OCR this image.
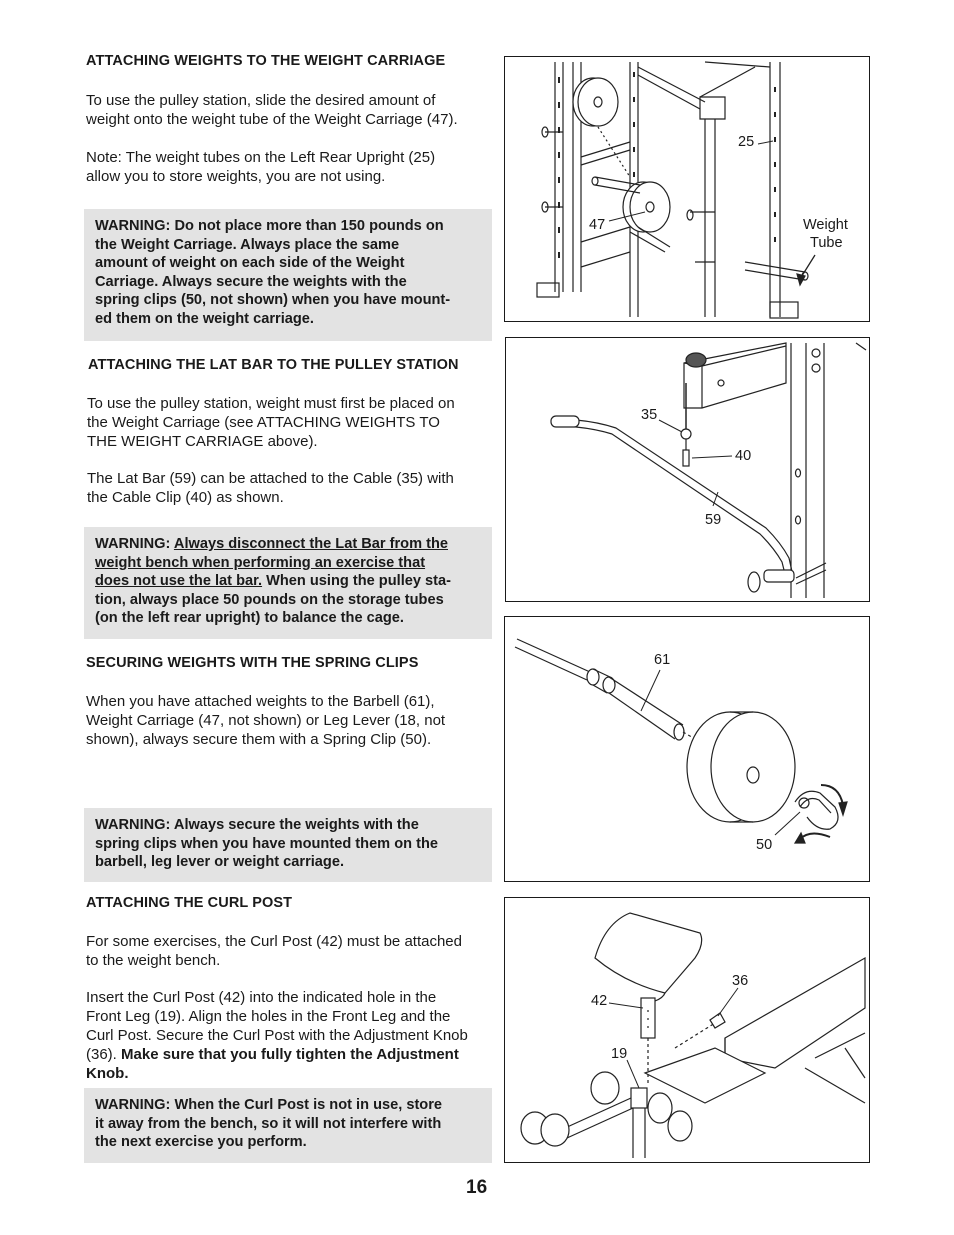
ATTACHING WEIGHTS TO THE WEIGHT CARRIAGE
To use the pulley station, slide the desired amount of
weight onto the weight tube of the Weight Carriage (47).
Note: The weight tubes on the Left Rear Upright (25)
allow you to store weights, you are not using.
WARNING: Do not place more than 150 pounds on
the Weight Carriage. Always place the same
amount of weight on each side of the Weight
Carriage. Always secure the weights with the
spring clips (50, not shown) when you have mount-
ed them on the weight carriage.
ATTACHING THE LAT BAR TO THE PULLEY STATION
To use the pulley station, weight must first be placed on
the Weight Carriage (see ATTACHING WEIGHTS TO
THE WEIGHT CARRIAGE above).
The Lat Bar (59) can be attached to the Cable (35) with
the Cable Clip (40) as shown.
WARNING: Always disconnect the Lat Bar from the
weight bench when performing an exercise that
does not use the lat bar. When using the pulley sta-
tion, always place 50 pounds on the storage tubes
(on the left rear upright) to balance the cage.
SECURING WEIGHTS WITH THE SPRING CLIPS
When you have attached weights to the Barbell (61),
Weight Carriage (47, not shown) or Leg Lever (18, not
shown), always secure them with a Spring Clip (50).
WARNING: Always secure the weights with the
spring clips when you have mounted them on the
barbell, leg lever or weight carriage.
ATTACHING THE CURL POST
For some exercises, the Curl Post (42) must be attached
to the weight bench.
Insert the Curl Post (42) into the indicated hole in the
Front Leg (19). Align the holes in the Front Leg and the
Curl Post. Secure the Curl Post with the Adjustment Knob
(36). Make sure that you fully tighten the Adjustment
Knob.
WARNING: When the Curl Post is not in use, store
it away from the bench, so it will not interfere with
the next exercise you perform.
16
25
47	Weight
Tube
35
40
59
61
50
36
42
19
